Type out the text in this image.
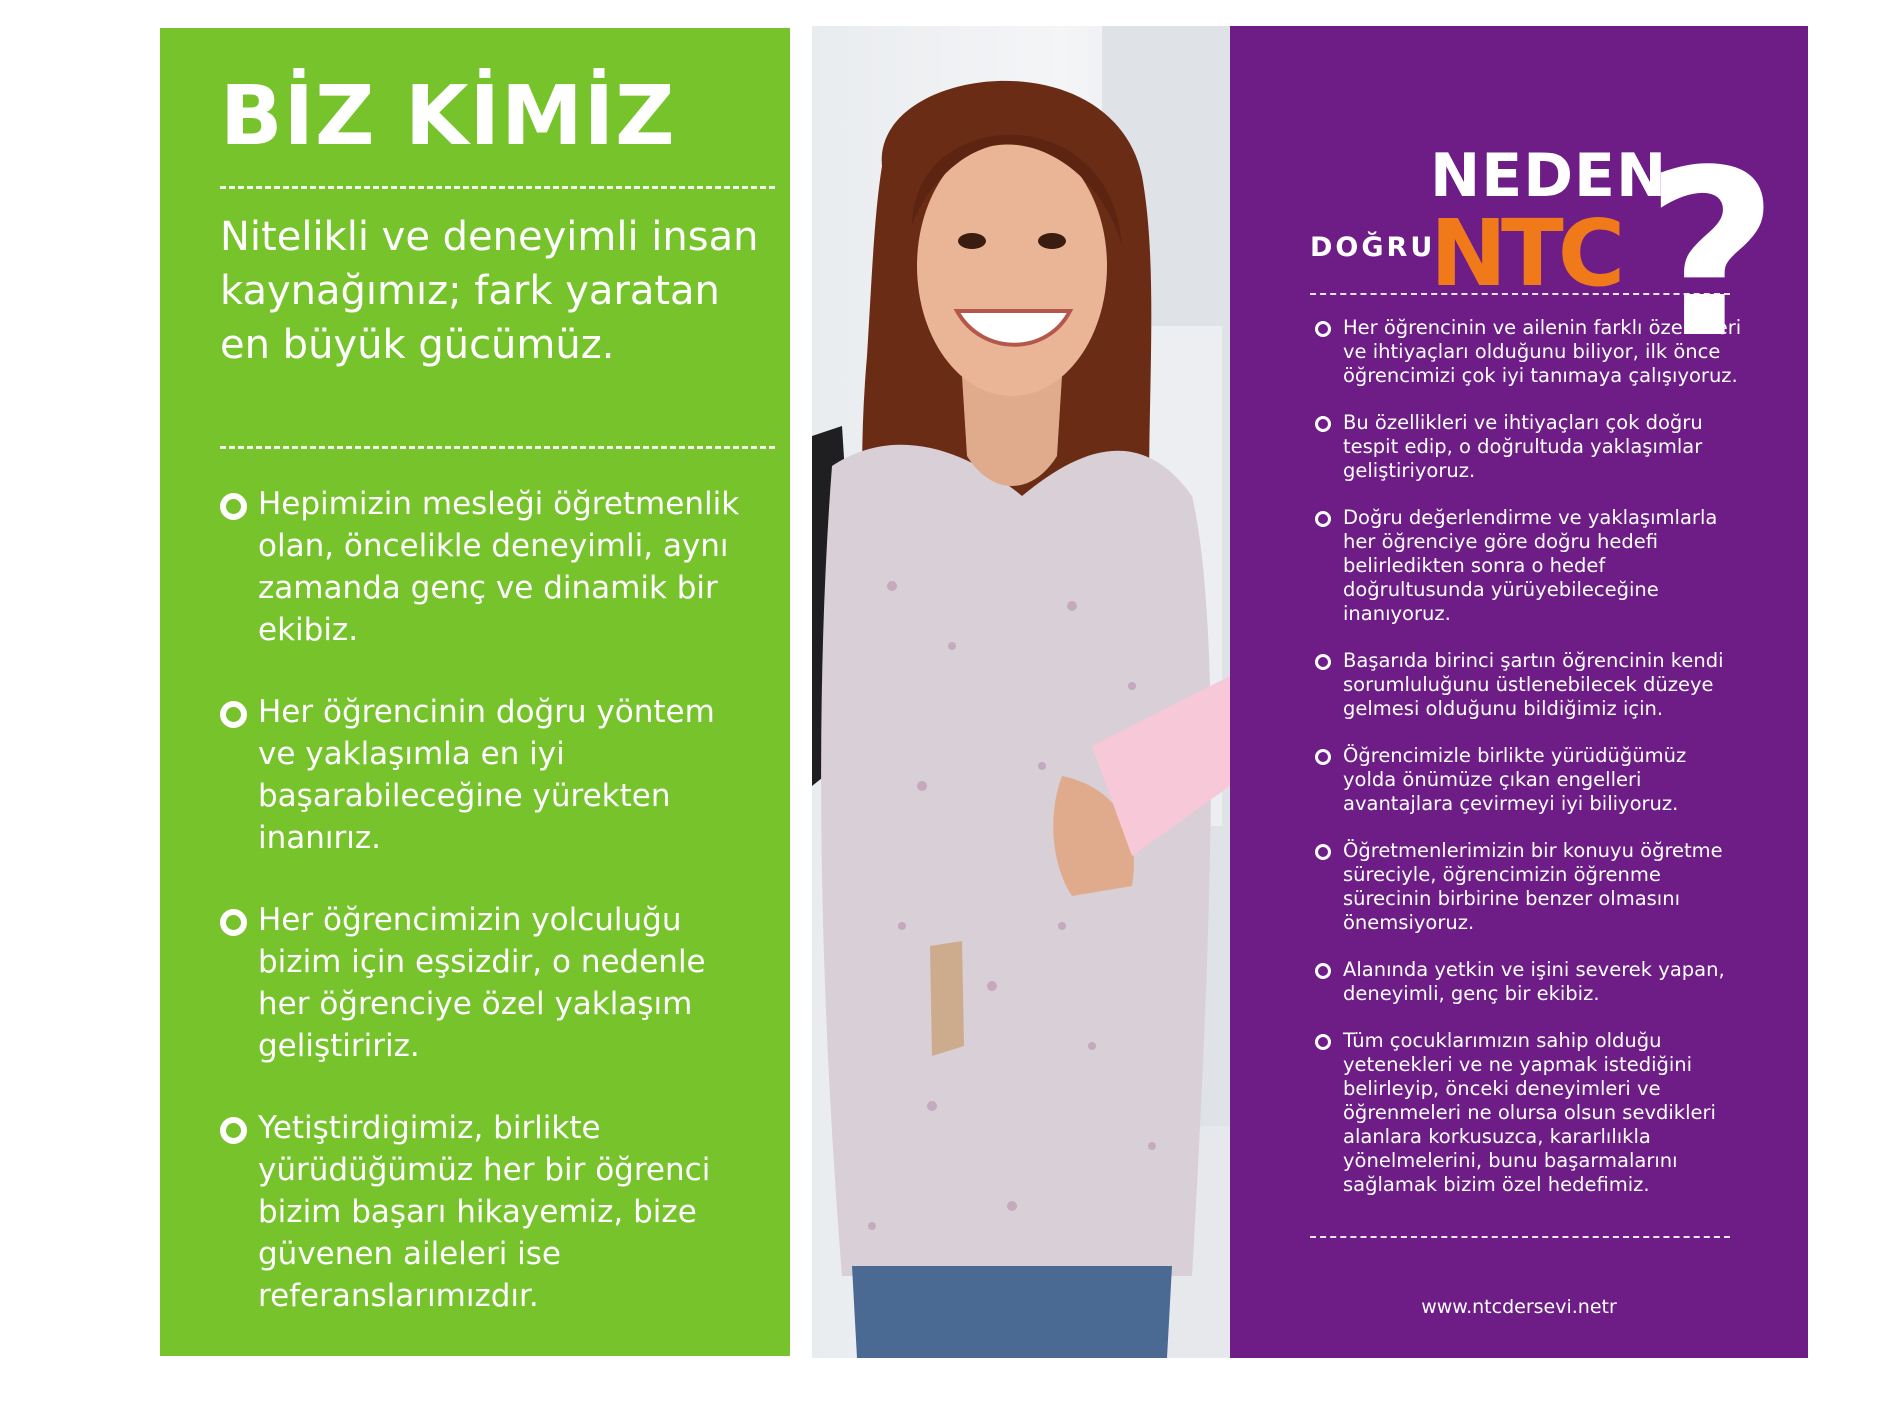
BİZ KİMİZ
Nitelikli ve deneyimli insan kaynağımız; fark yaratan en büyük gücümüz.
Hepimizin mesleği öğretmenlik olan, öncelikle deneyimli, aynı zamanda genç ve dinamik bir ekibiz.
Her öğrencinin doğru yöntem ve yaklaşımla en iyi başarabileceğine yürekten inanırız.
Her öğrencimizin yolculuğu bizim için eşsizdir, o nedenle her öğrenciye özel yaklaşım geliştiririz.
Yetiştirdigimiz, birlikte yürüdüğümüz her bir öğrenci bizim başarı hikayemiz, bize güvenen aileleri ise referanslarımızdır.
NEDEN
DOĞRU
NTC ?
Her öğrencinin ve ailenin farklı özellikleri ve ihtiyaçları olduğunu biliyor, ilk önce öğrencimizi çok iyi tanımaya çalışıyoruz.
Bu özellikleri ve ihtiyaçları çok doğru tespit edip, o doğrultuda yaklaşımlar geliştiriyoruz.
Doğru değerlendirme ve yaklaşımlarla her öğrenciye göre doğru hedefi belirledikten sonra o hedef doğrultusunda yürüyebileceğine inanıyoruz.
Başarıda birinci şartın öğrencinin kendi sorumluluğunu üstlenebilecek düzeye gelmesi olduğunu bildiğimiz için.
Öğrencimizle birlikte yürüdüğümüz yolda önümüze çıkan engelleri avantajlara çevirmeyi iyi biliyoruz.
Öğretmenlerimizin bir konuyu öğretme süreciyle, öğrencimizin öğrenme sürecinin birbirine benzer olmasını önemsiyoruz.
Alanında yetkin ve işini severek yapan, deneyimli, genç bir ekibiz.
Tüm çocuklarımızın sahip olduğu yetenekleri ve ne yapmak istediğini belirleyip, önceki deneyimleri ve öğrenmeleri ne olursa olsun sevdikleri alanlara korkusuzca, kararlılıkla yönelmelerini, bunu başarmalarını sağlamak bizim özel hedefimiz.
www.ntcdersevi.netr
